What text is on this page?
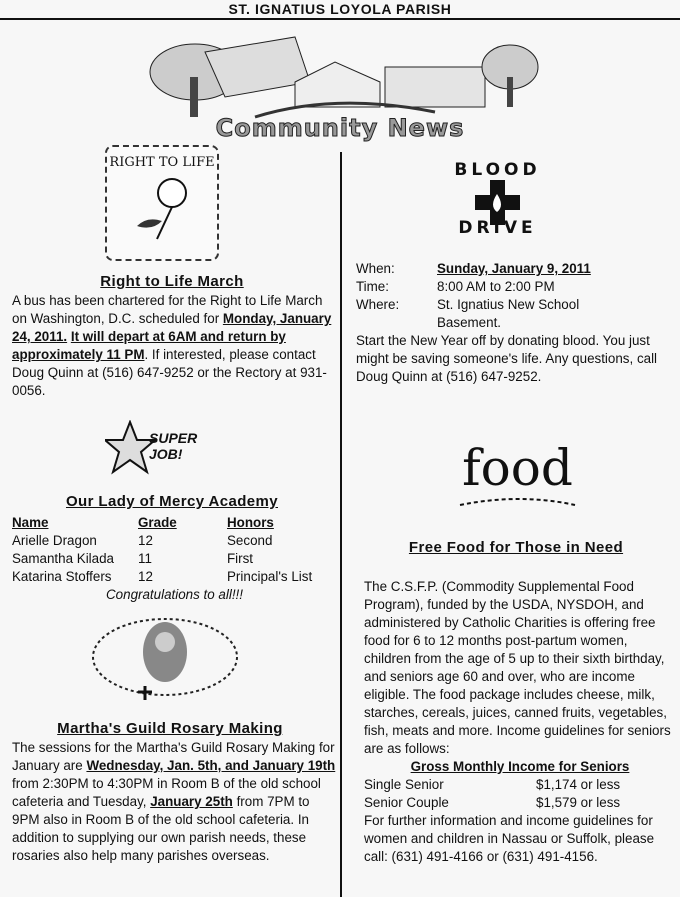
ST. IGNATIUS LOYOLA PARISH
Community News
RIGHT TO LIFE
Right to Life March
A bus has been chartered for the Right to Life March on Washington, D.C. scheduled for Monday, January 24, 2011. It will depart at 6AM and return by approximately 11 PM. If interested, please contact Doug Quinn at (516) 647-9252 or the Rectory at 931-0056.
SUPER JOB!
Our Lady of Mercy Academy
Name	Grade	Honors
Arielle Dragon	12	Second
Samantha Kilada	11	First
Katarina Stoffers	12	Principal's List
Congratulations to all!!!
Martha's Guild Rosary Making
The sessions for the Martha's Guild Rosary Making for January are Wednesday, Jan. 5th, and January 19th from 2:30PM to 4:30PM in Room B of the old school cafeteria and Tuesday, January 25th from 7PM to 9PM also in Room B of the old school cafeteria. In addition to supplying our own parish needs, these rosaries also help many parishes overseas.
BLOOD
DRIVE
When:	Sunday, January 9, 2011
Time:	8:00 AM to 2:00 PM
Where:	St. Ignatius New School Basement.
Start the New Year off by donating blood. You just might be saving someone's life. Any questions, call Doug Quinn at (516) 647-9252.
food
Free Food for Those in Need
The C.S.F.P. (Commodity Supplemental Food Program), funded by the USDA, NYSDOH, and administered by Catholic Charities is offering free food for 6 to 12 months post-partum women, children from the age of 5 up to their sixth birthday, and seniors age 60 and over, who are income eligible. The food package includes cheese, milk, starches, cereals, juices, canned fruits, vegetables, fish, meats and more. Income guidelines for seniors are as follows:
Gross Monthly Income for Seniors
Single Senior	$1,174 or less
Senior Couple	$1,579 or less
For further information and income guidelines for women and children in Nassau or Suffolk, please call: (631) 491-4166 or (631) 491-4156.
